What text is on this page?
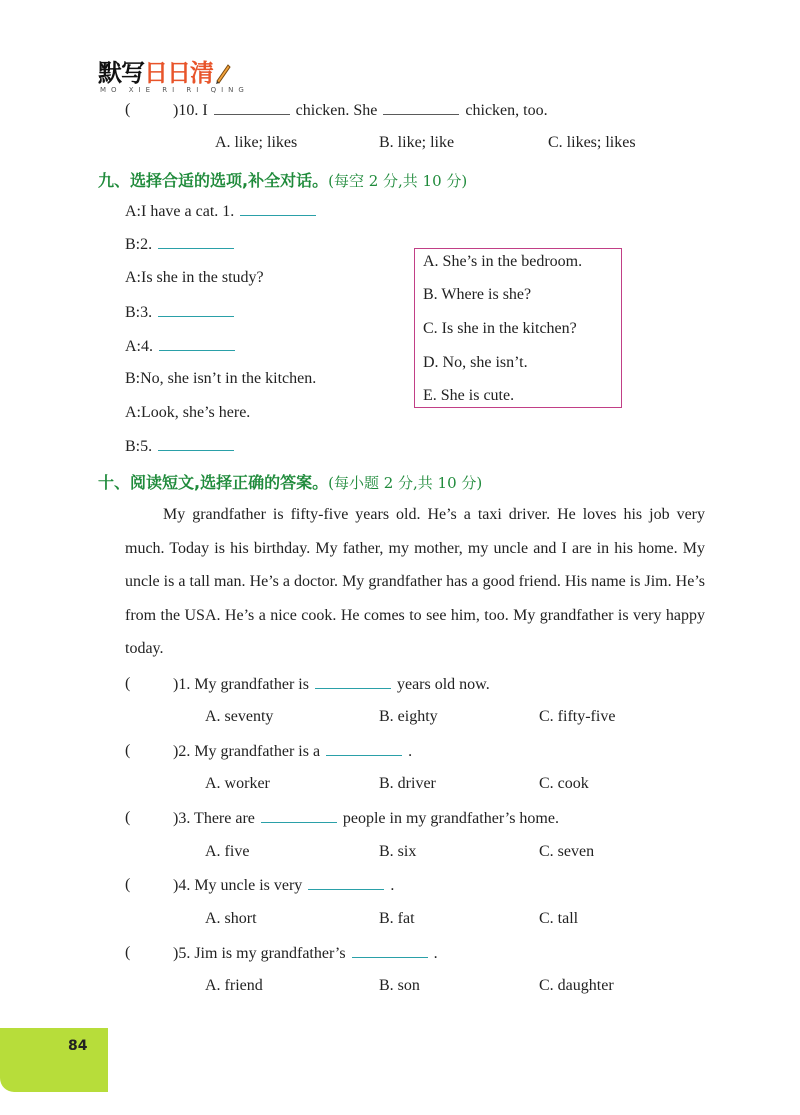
默写 日日清
MO XIE RI RI QING
(	)10. I	chicken. She	chicken, too.
A. like; likes	B. like; like	C. likes; likes
九、选择合适的选项,补全对话。(每空 2 分,共 10 分)
A:I have a cat. 1.
B:2.
A:Is she in the study?
B:3.
A:4.
B:No, she isn’t in the kitchen.
A:Look, she’s here.
B:5.
A. She’s in the bedroom.
B. Where is she?
C. Is she in the kitchen?
D. No, she isn’t.
E. She is cute.
十、阅读短文,选择正确的答案。(每小题 2 分,共 10 分)
My grandfather is fifty-five years old. He’s a taxi driver. He loves his job very much. Today is his birthday. My father, my mother, my uncle and I are in his home. My uncle is a tall man. He’s a doctor. My grandfather has a good friend. His name is Jim. He’s from the USA. He’s a nice cook. He comes to see him, too. My grandfather is very happy today.
(	)1. My grandfather is	years old now.
A. seventy	B. eighty	C. fifty-five
(	)2. My grandfather is a	.
A. worker	B. driver	C. cook
(	)3. There are	people in my grandfather’s home.
A. five	B. six	C. seven
(	)4. My uncle is very	.
A. short	B. fat	C. tall
(	)5. Jim is my grandfather’s	.
A. friend	B. son	C. daughter
84
